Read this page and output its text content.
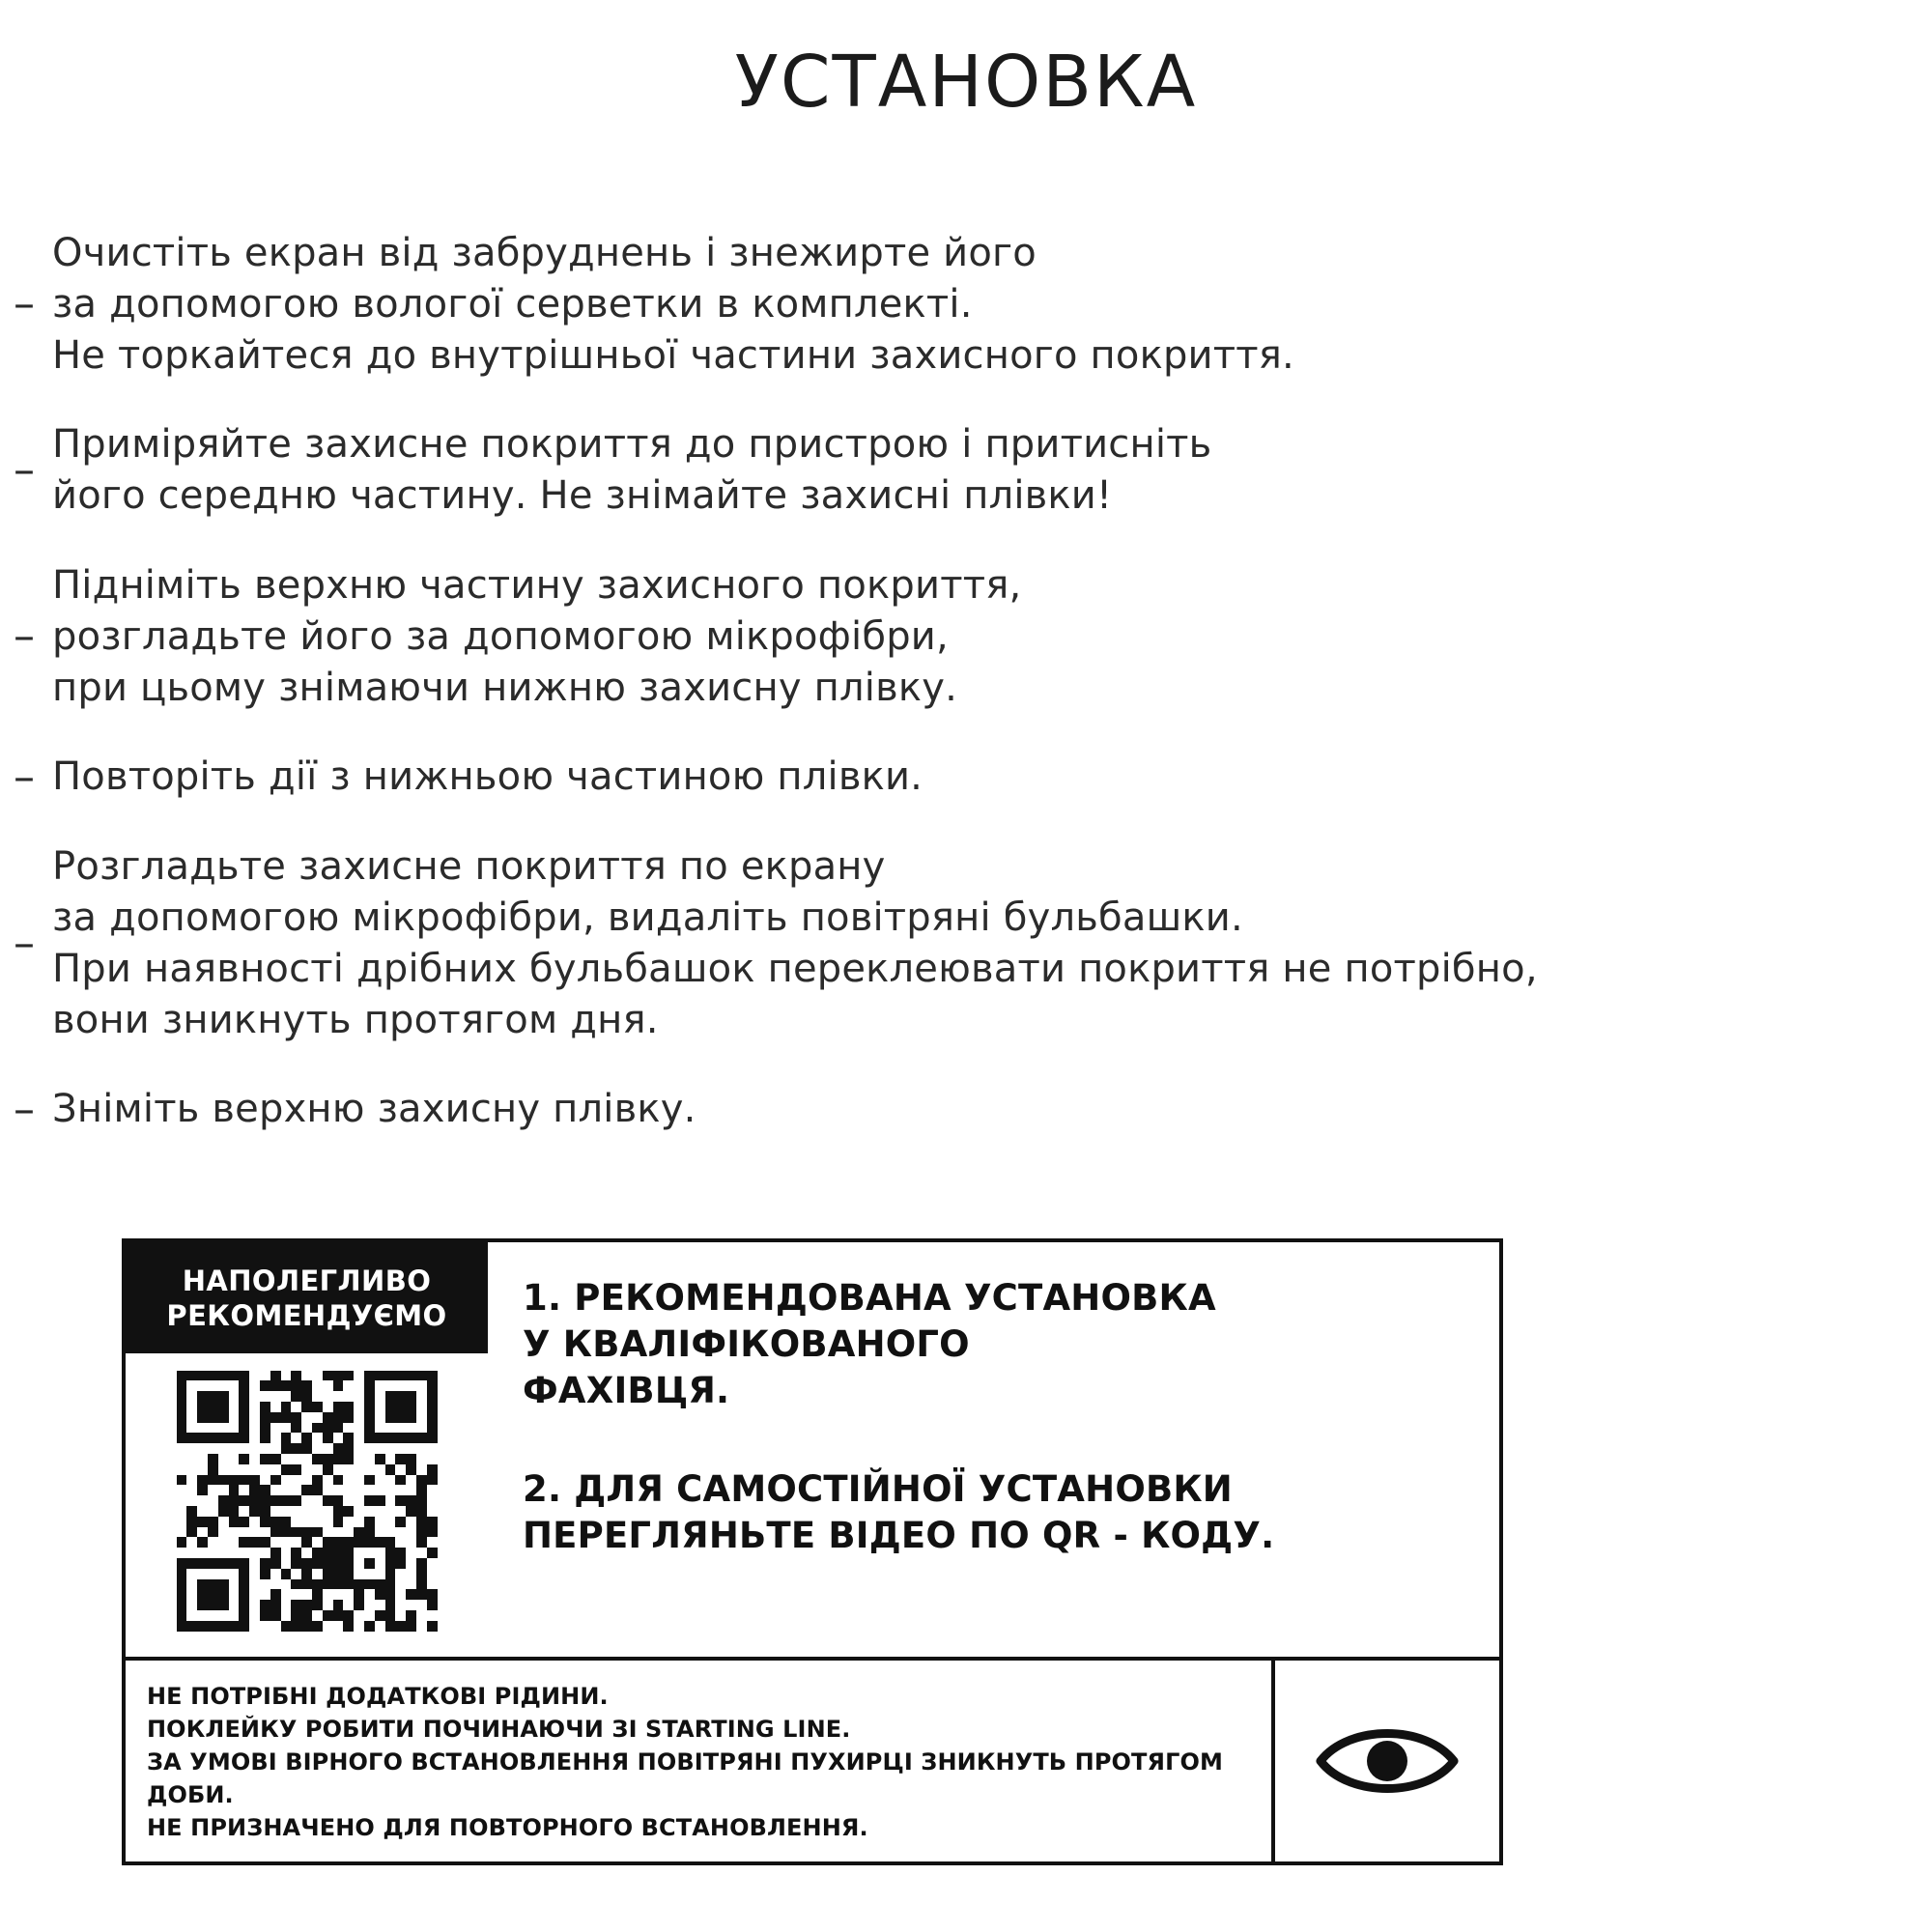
УСТАНОВКА
–
Очистіть екран від забруднень і знежирте його
за допомогою вологої серветки в комплекті.
Не торкайтеся до внутрішньої частини захисного покриття.
–
Приміряйте захисне покриття до пристрою і притисніть
його середню частину. Не знімайте захисні плівки!
–
Підніміть верхню частину захисного покриття,
розгладьте його за допомогою мікрофібри,
при цьому знімаючи нижню захисну плівку.
– Повторіть дії з нижньою частиною плівки.
–
Розгладьте захисне покриття по екрану
за допомогою мікрофібри, видаліть повітряні бульбашки.
При наявності дрібних бульбашок переклеювати покриття не потрібно,
вони зникнуть протягом дня.
– Зніміть верхню захисну плівку.
НАПОЛЕГЛИВО
РЕКОМЕНДУЄМО	1. РЕКОМЕНДОВАНА УСТАНОВКА
У КВАЛІФІКОВАНОГО
ФАХІВЦЯ.

2. ДЛЯ САМОСТІЙНОЇ УСТАНОВКИ
ПЕРЕГЛЯНЬТЕ ВІДЕО ПО QR - КОДУ.

НЕ ПОТРІБНІ ДОДАТКОВІ РІДИНИ.
ПОКЛЕЙКУ РОБИТИ ПОЧИНАЮЧИ ЗІ STARTING LINE.
ЗА УМОВІ ВІРНОГО ВСТАНОВЛЕННЯ ПОВІТРЯНІ ПУХИРЦІ ЗНИКНУТЬ ПРОТЯГОМ ДОБИ.
НЕ ПРИЗНАЧЕНО ДЛЯ ПОВТОРНОГО ВСТАНОВЛЕННЯ.
